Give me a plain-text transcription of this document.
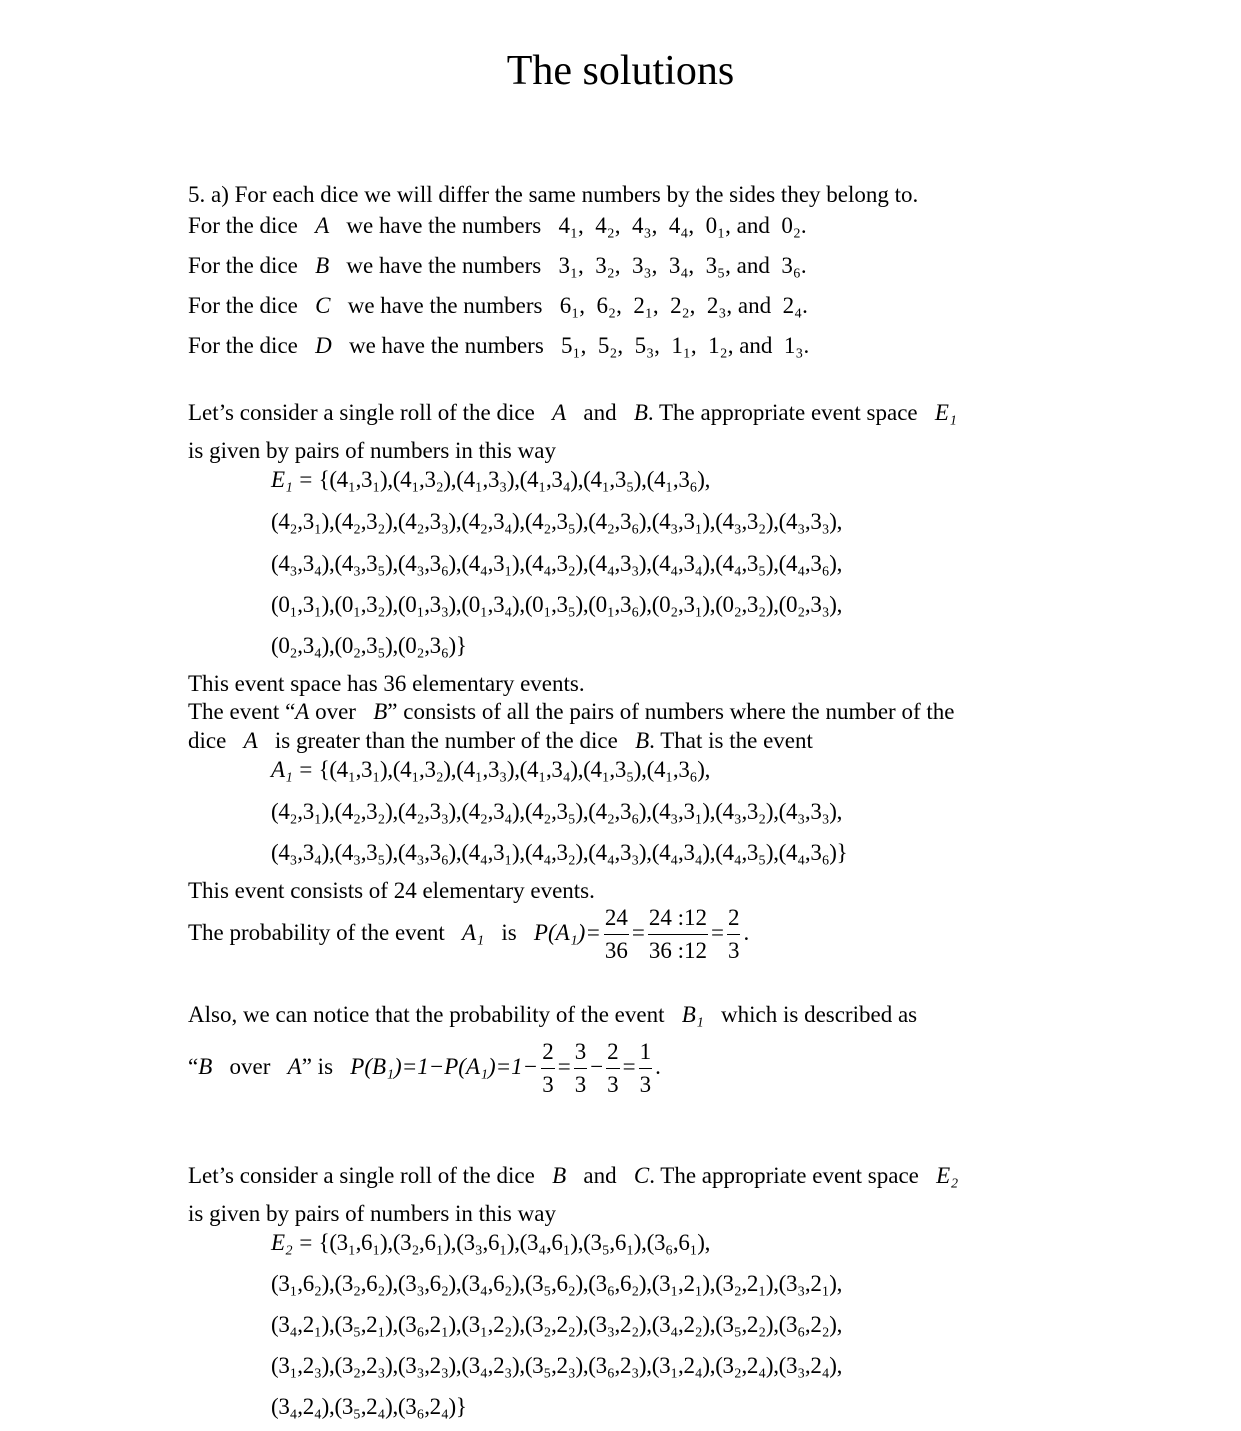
The solutions
5. a) For each dice we will differ the same numbers by the sides they belong to.
For the dice A we have the numbers 4₁,  4₂,  4₃,  4₄,  0₁, and 0₂.
For the dice B we have the numbers 3₁,  3₂,  3₃,  3₄,  3₅, and 3₆.
For the dice C we have the numbers 6₁,  6₂,  2₁,  2₂,  2₃, and 2₄.
For the dice D we have the numbers 5₁,  5₂,  5₃,  1₁,  1₂, and 1₃.
Let’s consider a single roll of the dice A and B. The appropriate event space E₁
is given by pairs of numbers in this way
E₁ = {(4₁,3₁),(4₁,3₂),(4₁,3₃),(4₁,3₄),(4₁,3₅),(4₁,3₆),
(4₂,3₁),(4₂,3₂),(4₂,3₃),(4₂,3₄),(4₂,3₅),(4₂,3₆),(4₃,3₁),(4₃,3₂),(4₃,3₃),
(4₃,3₄),(4₃,3₅),(4₃,3₆),(4₄,3₁),(4₄,3₂),(4₄,3₃),(4₄,3₄),(4₄,3₅),(4₄,3₆),
(0₁,3₁),(0₁,3₂),(0₁,3₃),(0₁,3₄),(0₁,3₅),(0₁,3₆),(0₂,3₁),(0₂,3₂),(0₂,3₃),
(0₂,3₄),(0₂,3₅),(0₂,3₆)}
This event space has 36 elementary events.
The event “A over B” consists of all the pairs of numbers where the number of the
dice A is greater than the number of the dice B. That is the event
A₁ = {(4₁,3₁),(4₁,3₂),(4₁,3₃),(4₁,3₄),(4₁,3₅),(4₁,3₆),
(4₂,3₁),(4₂,3₂),(4₂,3₃),(4₂,3₄),(4₂,3₅),(4₂,3₆),(4₃,3₁),(4₃,3₂),(4₃,3₃),
(4₃,3₄),(4₃,3₅),(4₃,3₆),(4₄,3₁),(4₄,3₂),(4₄,3₃),(4₄,3₄),(4₄,3₅),(4₄,3₆)}
This event consists of 24 elementary events.
The probability of the event A₁ is $P(A_1)= \frac{24}{36} = \frac{24 :12}{36 :12} = \frac{2}{3}$ .
Also, we can notice that the probability of the event B₁ which is described as
“B over A” is $P(B_1)=1-P(A_1)=1- \frac{2}{3} = \frac{3}{3} - \frac{2}{3} = \frac{1}{3}$ .
Let’s consider a single roll of the dice B and C. The appropriate event space E₂
is given by pairs of numbers in this way
E₂ = {(3₁,6₁),(3₂,6₁),(3₃,6₁),(3₄,6₁),(3₅,6₁),(3₆,6₁),
(3₁,6₂),(3₂,6₂),(3₃,6₂),(3₄,6₂),(3₅,6₂),(3₆,6₂),(3₁,2₁),(3₂,2₁),(3₃,2₁),
(3₄,2₁),(3₅,2₁),(3₆,2₁),(3₁,2₂),(3₂,2₂),(3₃,2₂),(3₄,2₂),(3₅,2₂),(3₆,2₂),
(3₁,2₃),(3₂,2₃),(3₃,2₃),(3₄,2₃),(3₅,2₃),(3₆,2₃),(3₁,2₄),(3₂,2₄),(3₃,2₄),
(3₄,2₄),(3₅,2₄),(3₆,2₄)}
